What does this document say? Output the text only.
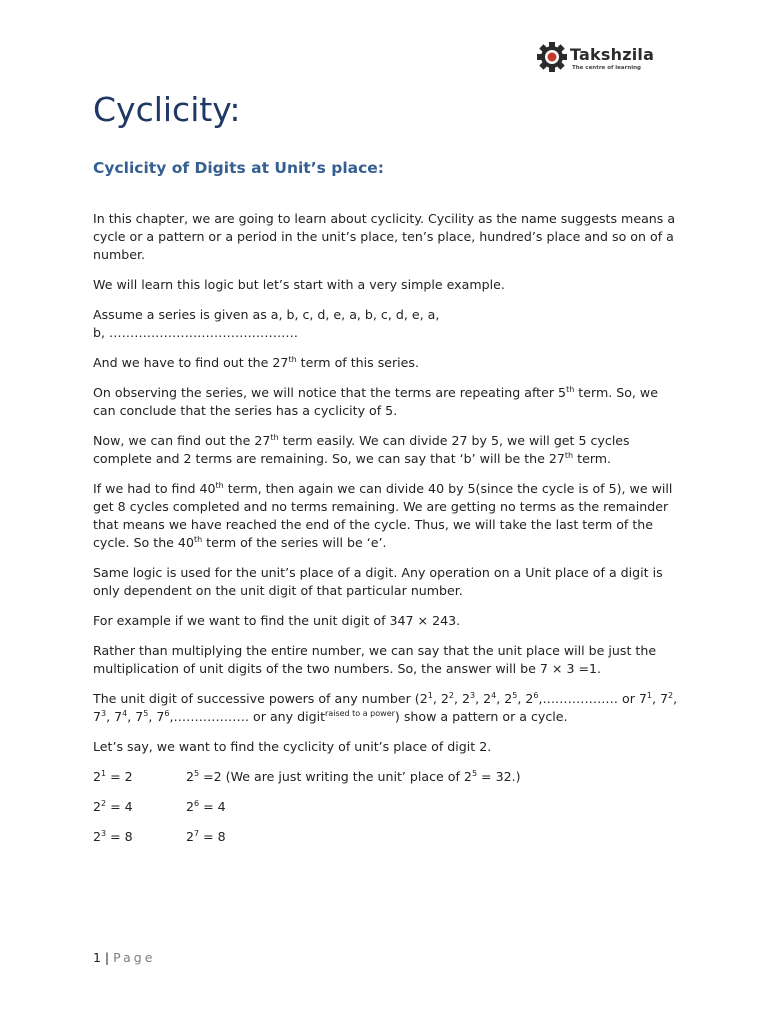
Takshzila
The centre of learning
Cyclicity:
Cyclicity of Digits at Unit’s place:

In this chapter, we are going to learn about cyclicity. Cycility as the name suggests means a cycle or a pattern or a period in the unit’s place, ten’s place, hundred’s place and so on of a number.

We will learn this logic but let’s start with a very simple example.

Assume a series is given as a, b, c, d, e, a, b, c, d, e, a,
b, ………………………………………

And we have to find out the 27th term of this series.

On observing the series, we will notice that the terms are repeating after 5th term. So, we can conclude that the series has a cyclicity of 5.

Now, we can find out the 27th term easily. We can divide 27 by 5, we will get 5 cycles complete and 2 terms are remaining. So, we can say that ‘b’ will be the 27th term.

If we had to find 40th term, then again we can divide 40 by 5(since the cycle is of 5), we will get 8 cycles completed and no terms remaining. We are getting no terms as the remainder that means we have reached the end of the cycle. Thus, we will take the last term of the cycle. So the 40th term of the series will be ‘e’.

Same logic is used for the unit’s place of a digit. Any operation on a Unit place of a digit is only dependent on the unit digit of that particular number.

For example if we want to find the unit digit of 347 × 243.

Rather than multiplying the entire number, we can say that the unit place will be just the multiplication of unit digits of the two numbers. So, the answer will be 7 × 3 =1.

The unit digit of successive powers of any number ($2^1$, $2^2$, $2^3$, $2^4$, $2^5$, $2^6,\dots\dots\dots\dots\dots\dots$ or $7^1$, $7^2$, $7^3$, $7^4$, $7^5$, $7^6,\dots\dots\dots\dots\dots\dots$ or any digit$^{raised to a power}$) show a pattern or a cycle.

Let’s say, we want to find the cyclicity of unit’s place of digit 2.

$2^1 = 2$	$2^5 =2$ (We are just writing the unit’ place of $2^5 = 32$.)
$2^2 = 4$	$2^6 = 4$
$2^3 = 8$	$2^7 = 8$
1 | Page
